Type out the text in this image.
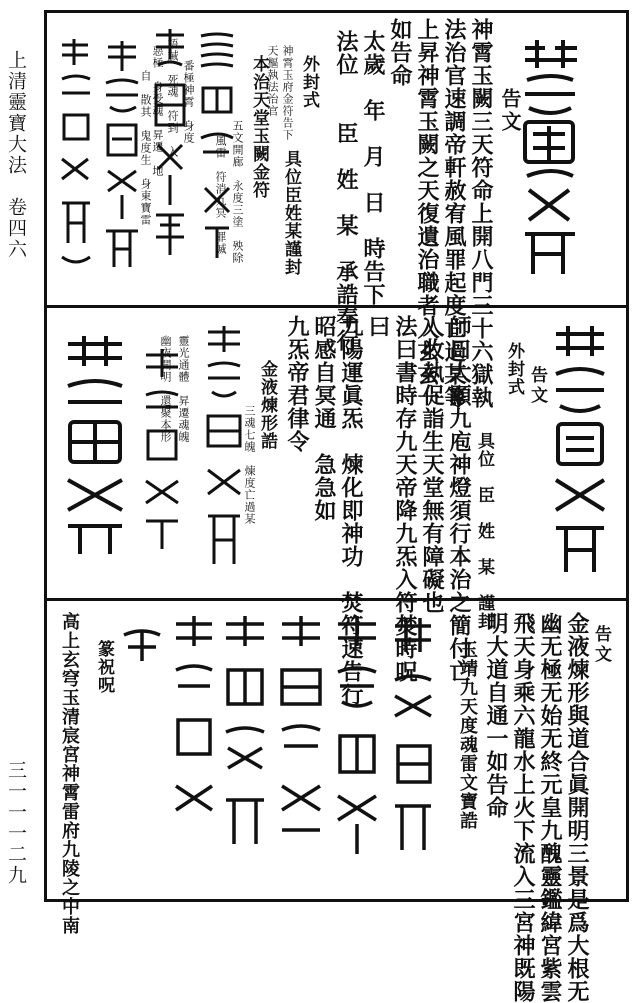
上清靈寶大法　卷四六
三一一一二九
告文
神霄玉闕三天符命上開八門三十六獄執
法治官速調帝軒赦宥風罪起度亡過某等
上昇神霄玉闕之天復遺治職者入玄玄一
如告命
太歲　年　月　日　時告下
法位　　臣　姓　某　承誥奉行
外封式
神霄玉府金符告下
天樞執法治官
本治天堂玉闕金符
具位臣姓某謹封
五文開廊　永度三塗　殃除
風雷　符消九冥　罪滅
番極神霄　身度
語誡　死魂　符到　入
惡極　身受魂　昇遷　地
自　散其　鬼度生　身東寶雷
告文
外封式
具位　臣　姓　某　謹封
師曰大顯九庖神燈須行本治之簡付亡
人收執促詣生天堂無有障礙也
法曰書時存九天帝降九炁入符焚時呪
曰
九陽運眞炁　煉化即神功　焚符速告行
昭感自冥通　急急如
九炁帝君律令
金液煉形誥
靈光通體　昇遷魂魄
幽夜開明　還聚本形
三魂七魄　煉度亡過某
告文
金液煉形與道合眞開明三景是爲大根无
幽无極无始无終元皇九醜靈鑑緯宮紫雲
飛天身乘六龍水上火下流入三宮神既陽
明大道自通一如告命
玉靖九天度魂雷文寶誥
篆祝呪
高上玄穹玉清宸宮神霄雷府九陵之中南
